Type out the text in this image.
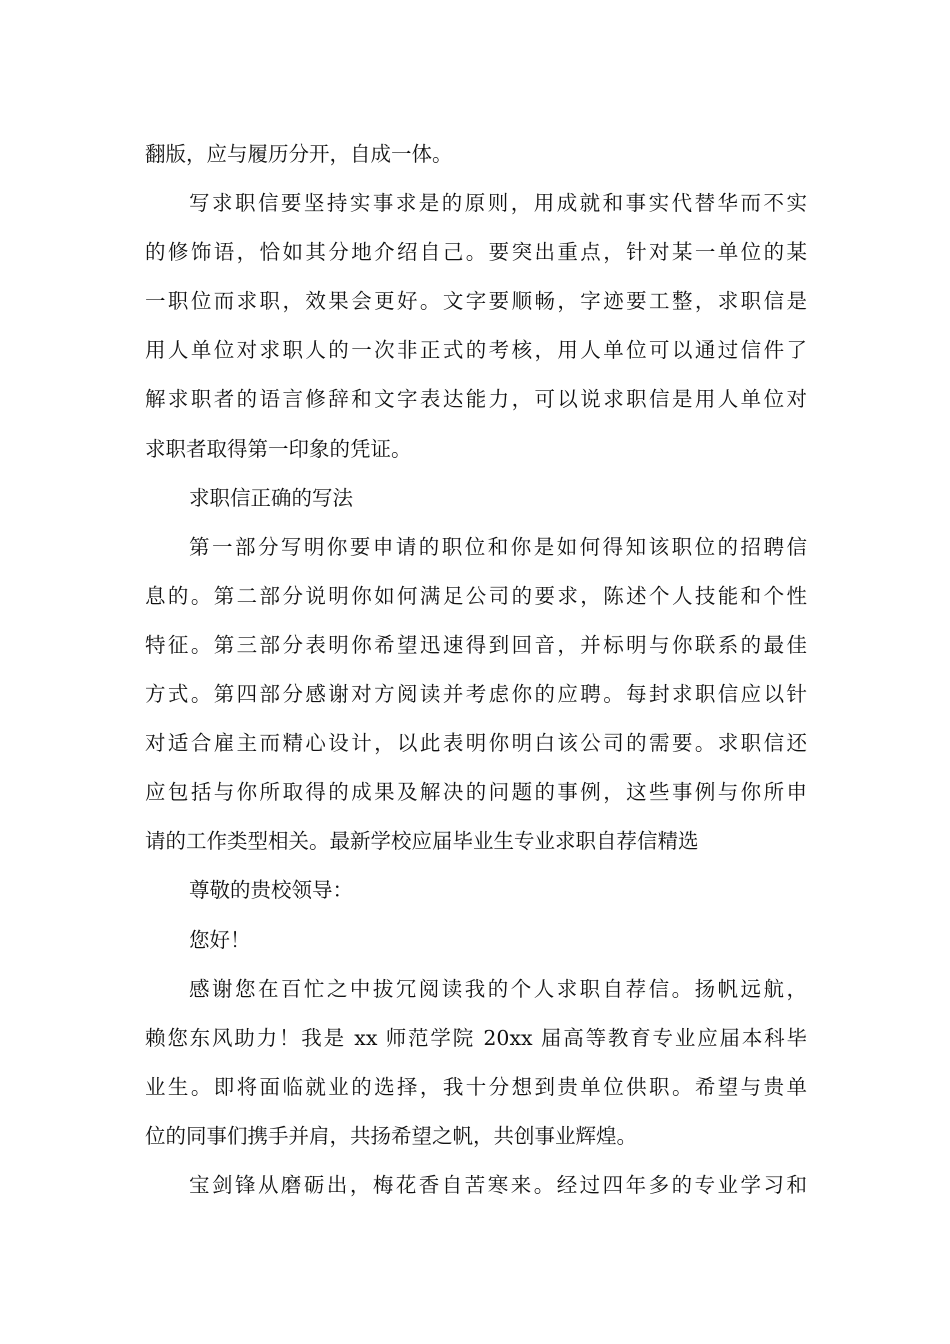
翻版，应与履历分开，自成一体。
写求职信要坚持实事求是的原则，用成就和事实代替华而不实
的修饰语，恰如其分地介绍自己。要突出重点，针对某一单位的某
一职位而求职，效果会更好。文字要顺畅，字迹要工整，求职信是
用人单位对求职人的一次非正式的考核，用人单位可以通过信件了
解求职者的语言修辞和文字表达能力，可以说求职信是用人单位对
求职者取得第一印象的凭证。
求职信正确的写法
第一部分写明你要申请的职位和你是如何得知该职位的招聘信
息的。第二部分说明你如何满足公司的要求，陈述个人技能和个性
特征。第三部分表明你希望迅速得到回音，并标明与你联系的最佳
方式。第四部分感谢对方阅读并考虑你的应聘。每封求职信应以针
对适合雇主而精心设计，以此表明你明白该公司的需要。求职信还
应包括与你所取得的成果及解决的问题的事例，这些事例与你所申
请的工作类型相关。最新学校应届毕业生专业求职自荐信精选
尊敬的贵校领导：
您好！
感谢您在百忙之中拔冗阅读我的个人求职自荐信。扬帆远航，
赖您东风助力！我是 xx 师范学院 20xx 届高等教育专业应届本科毕
业生。即将面临就业的选择，我十分想到贵单位供职。希望与贵单
位的同事们携手并肩，共扬希望之帆，共创事业辉煌。
宝剑锋从磨砺出，梅花香自苦寒来。经过四年多的专业学习和
